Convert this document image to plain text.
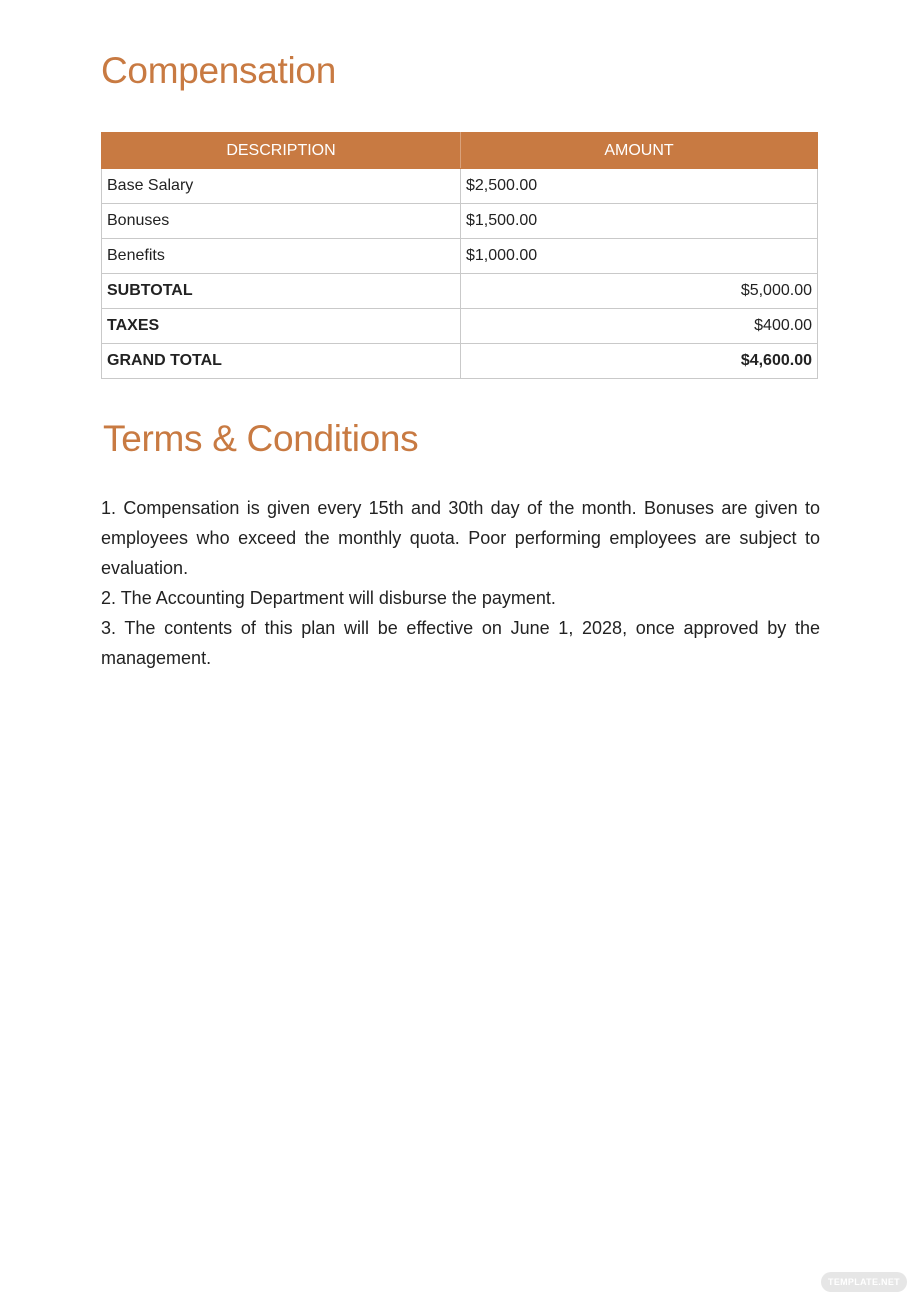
Compensation
DESCRIPTION	AMOUNT
Base Salary	$2,500.00
Bonuses	$1,500.00
Benefits	$1,000.00
SUBTOTAL	$5,000.00
TAXES	$400.00
GRAND TOTAL	$4,600.00
Terms & Conditions

1. Compensation is given every 15th and 30th day of the month. Bonuses are given to employees who exceed the monthly quota. Poor performing employees are subject to evaluation.

2. The Accounting Department will disburse the payment.

3. The contents of this plan will be effective on June 1, 2028, once approved by the management.

TEMPLATE.NET
